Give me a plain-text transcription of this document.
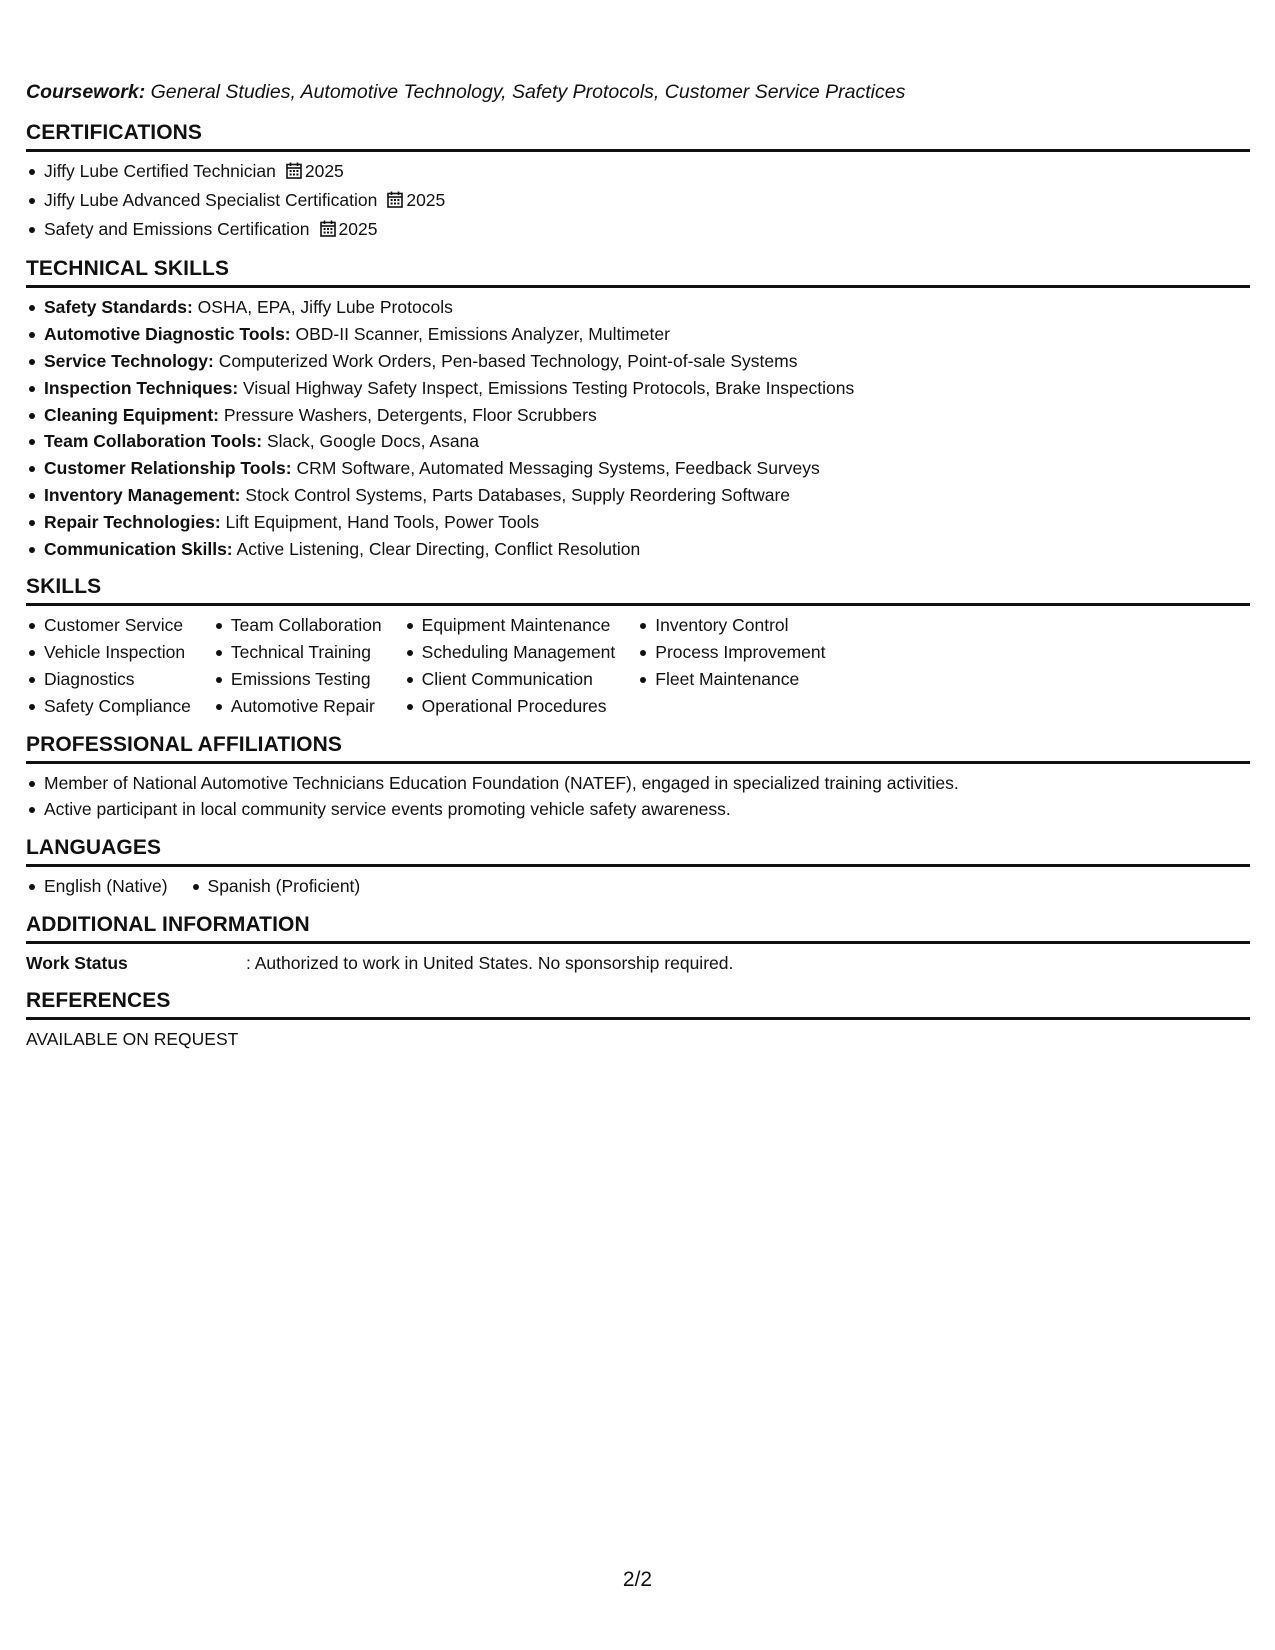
Coursework: General Studies, Automotive Technology, Safety Protocols, Customer Service Practices

CERTIFICATIONS
Jiffy Lube Certified Technician 2025
Jiffy Lube Advanced Specialist Certification 2025
Safety and Emissions Certification 2025
TECHNICAL SKILLS
Safety Standards: OSHA, EPA, Jiffy Lube Protocols
Automotive Diagnostic Tools: OBD-II Scanner, Emissions Analyzer, Multimeter
Service Technology: Computerized Work Orders, Pen-based Technology, Point-of-sale Systems
Inspection Techniques: Visual Highway Safety Inspect, Emissions Testing Protocols, Brake Inspections
Cleaning Equipment: Pressure Washers, Detergents, Floor Scrubbers
Team Collaboration Tools: Slack, Google Docs, Asana
Customer Relationship Tools: CRM Software, Automated Messaging Systems, Feedback Surveys
Inventory Management: Stock Control Systems, Parts Databases, Supply Reordering Software
Repair Technologies: Lift Equipment, Hand Tools, Power Tools
Communication Skills: Active Listening, Clear Directing, Conflict Resolution
SKILLS
Customer Service
Vehicle Inspection
Diagnostics
Safety Compliance
Team Collaboration
Technical Training
Emissions Testing
Automotive Repair
Equipment Maintenance
Scheduling Management
Client Communication
Operational Procedures
Inventory Control
Process Improvement
Fleet Maintenance
PROFESSIONAL AFFILIATIONS
Member of National Automotive Technicians Education Foundation (NATEF), engaged in specialized training activities.
Active participant in local community service events promoting vehicle safety awareness.
LANGUAGES
English (Native)	Spanish (Proficient)
ADDITIONAL INFORMATION
Work Status	: Authorized to work in United States. No sponsorship required.
REFERENCES

AVAILABLE ON REQUEST

2/2
